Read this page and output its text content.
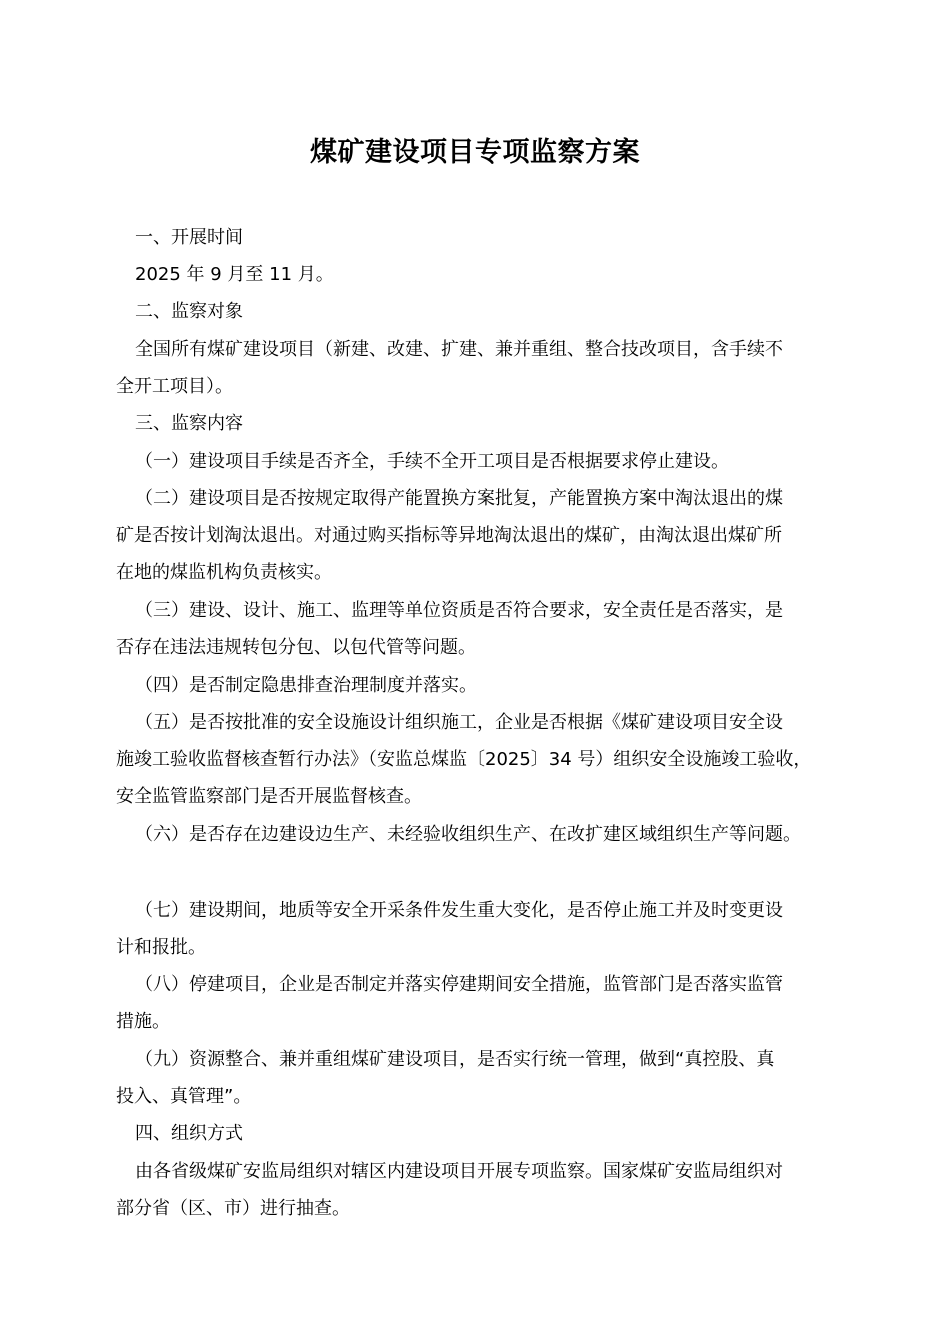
煤矿建设项目专项监察方案
一、开展时间
2025 年 9 月至 11 月。
二、监察对象
全国所有煤矿建设项目（新建、改建、扩建、兼并重组、整合技改项目，含手续不
全开工项目）。
三、监察内容
（一）建设项目手续是否齐全，手续不全开工项目是否根据要求停止建设。
（二）建设项目是否按规定取得产能置换方案批复，产能置换方案中淘汰退出的煤
矿是否按计划淘汰退出。对通过购买指标等异地淘汰退出的煤矿，由淘汰退出煤矿所
在地的煤监机构负责核实。
（三）建设、设计、施工、监理等单位资质是否符合要求，安全责任是否落实，是
否存在违法违规转包分包、以包代管等问题。
（四）是否制定隐患排查治理制度并落实。
（五）是否按批准的安全设施设计组织施工，企业是否根据《煤矿建设项目安全设
施竣工验收监督核查暂行办法》（安监总煤监〔2025〕34 号）组织安全设施竣工验收，
安全监管监察部门是否开展监督核查。
（六）是否存在边建设边生产、未经验收组织生产、在改扩建区域组织生产等问题。
（七）建设期间，地质等安全开采条件发生重大变化，是否停止施工并及时变更设
计和报批。
（八）停建项目，企业是否制定并落实停建期间安全措施，监管部门是否落实监管
措施。
（九）资源整合、兼并重组煤矿建设项目，是否实行统一管理，做到“真控股、真
投入、真管理”。
四、组织方式
由各省级煤矿安监局组织对辖区内建设项目开展专项监察。国家煤矿安监局组织对
部分省（区、市）进行抽查。
